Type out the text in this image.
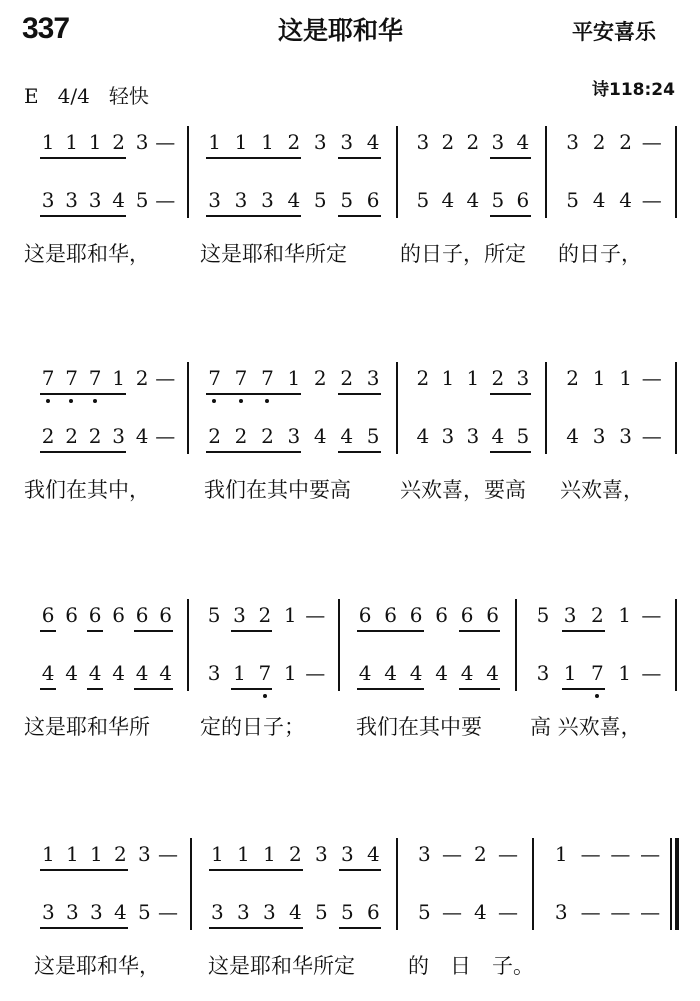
337	这是耶和华	平安喜乐
E   4/4   轻快	诗118:24
1 1 1 2 3 — 1 1 1 2 3 3 4 3 2 2 3 4 3 2 2 —
3 3 3 4 5 — 3 3 3 4 5 5 6 5 4 4 5 6 5 4 4 —
这是耶和华， 这是耶和华所定	的日子，所定 的日子，
7 7 7 1 2 — 7 7 7 1 2 2 3 2 1 1 2 3 2 1 1 —
2 2 2 3 4 — 2 2 2 3 4 4 5 4 3 3 4 5 4 3 3 —
我们在其中，	我们在其中要高 兴欢喜，要高 兴欢喜，
6 6 6 6 6 6 5 3 2 1 — 6 6 6 6 6 6 5 3 2 1 —
4 4 4 4 4 4 3 1 7 1 — 4 4 4 4 4 4 3 1 7 1 —
这是耶和华所 定的日子； 我们在其中要 高 兴欢喜，
1 1 1 2 3 — 1 1 1 2 3 3 4 3 — 2 — 1 — — —
3 3 3 4 5 — 3 3 3 4 5 5 6 5 — 4 — 3 — — —
这是耶和华， 这是耶和华所定	的　日　子。
